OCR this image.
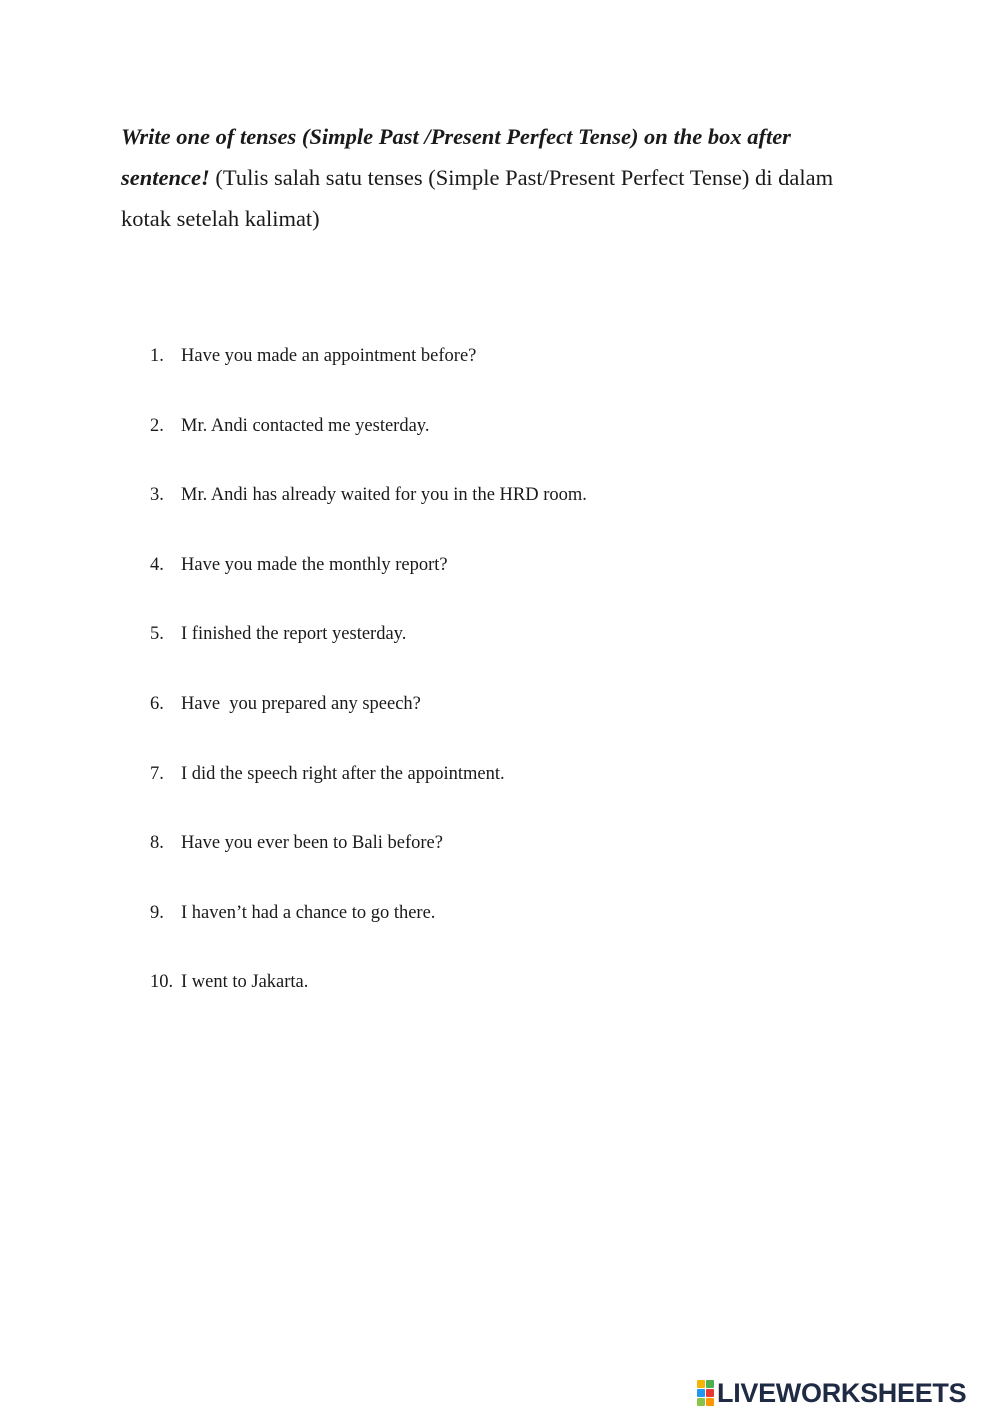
Write one of tenses (Simple Past /Present Perfect Tense) on the box after sentence! (Tulis salah satu tenses (Simple Past/Present Perfect Tense) di dalam kotak setelah kalimat)

1. Have you made an appointment before?
2. Mr. Andi contacted me yesterday.
3. Mr. Andi has already waited for you in the HRD room.
4. Have you made the monthly report?
5. I finished the report yesterday.
6. Have  you prepared any speech?
7. I did the speech right after the appointment.
8. Have you ever been to Bali before?
9. I haven’t had a chance to go there.
10. I went to Jakarta.
LIVEWORKSHEETS
